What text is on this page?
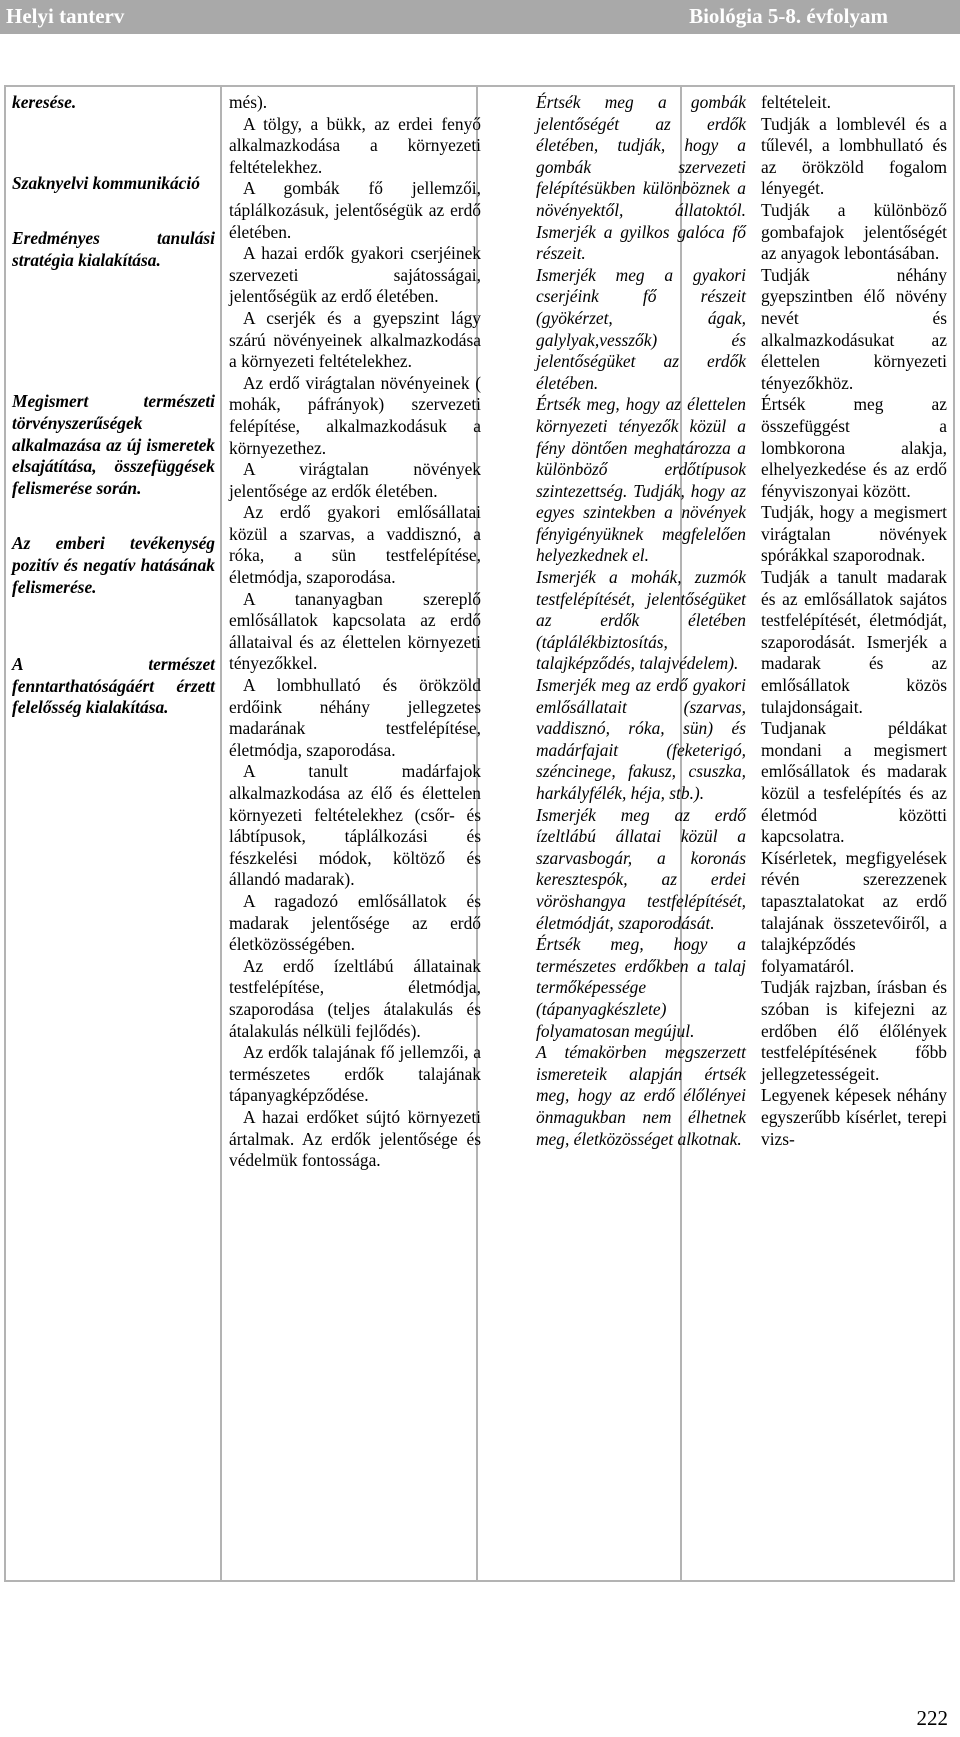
Helyi tanterv	Biológia 5-8. évfolyam

keresése.

Szaknyelvi kommunikáció

Eredményes tanulási stratégia kialakítása.

Megismert természeti törvényszerűségek alkalmazása az új ismeretek elsajátítása, összefüggések felismerése során.

Az emberi tevékenység pozitív és negatív hatásának felismerése.

A természet fenntarthatóságáért érzett felelősség kialakítása.

més).

A tölgy, a bükk, az erdei fenyő alkalmazkodása a környezeti feltételekhez.

A gombák fő jellemzői, táplálkozásuk, jelentőségük az erdő életében.

A hazai erdők gyakori cserjéinek szervezeti sajátosságai, jelentőségük az erdő életében.

A cserjék és a gyepszint lágy szárú növényeinek alkalmazkodása a környezeti feltételekhez.

Az erdő virágtalan növényeinek ( mohák, páfrányok) szervezeti felépítése, alkalmazkodásuk a környezethez.

A virágtalan növények jelentősége az erdők életében.

Az erdő gyakori emlősállatai közül a szarvas, a vaddisznó, a róka, a sün testfelépítése, életmódja, szaporodása.

A tananyagban szereplő emlősállatok kapcsolata az erdő állataival és az élettelen környezeti tényezőkkel.

A lombhullató és örökzöld erdőink néhány jellegzetes madarának testfelépítése, életmódja, szaporodása.

A tanult madárfajok alkalmazkodása az élő és élettelen környezeti feltételekhez (csőr- és lábtípusok, táplálkozási és fészkelési módok, költöző és állandó madarak).

A ragadozó emlősállatok és madarak jelentősége az erdő életközösségében.

Az erdő ízeltlábú állatainak testfelépítése, életmódja, szaporodása (teljes átalakulás és átalakulás nélküli fejlődés).

Az erdők talajának fő jellemzői, a természetes erdők talajának tápanyagképződése.

A hazai erdőket sújtó környezeti ártalmak. Az erdők jelentősége és védelmük fontossága.

Értsék meg a gombák jelentőségét az erdők életében, tudják, hogy a gombák szervezeti felépítésükben különböznek a növényektől, állatoktól. Ismerjék a gyilkos galóca fő részeit.

Ismerjék meg a gyakori cserjéink fő részeit (gyökérzet, ágak, galylyak,vesszők) és jelentőségüket az erdők életében.

Értsék meg, hogy az élettelen környezeti tényezők közül a fény döntően meghatározza a különböző erdőtípusok szintezettség. Tudják, hogy az egyes szintekben a növények fényigényüknek megfelelően helyezkednek el.

Ismerjék a mohák, zuzmók testfelépítését, jelentőségüket az erdők életében (táplálékbiztosítás, talajképződés, talajvédelem).

Ismerjék meg az erdő gyakori emlősállatait (szarvas, vaddisznó, róka, sün) és madárfajait (feketerigó, széncinege, fakusz, csuszka, harkályfélék, héja, stb.).

Ismerjék meg az erdő ízeltlábú állatai közül a szarvasbogár, a koronás keresztespók, az erdei vöröshangya testfelépítését, életmódját, szaporodását.

Értsék meg, hogy a természetes erdőkben a talaj termőképessége (tápanyagkészlete) folyamatosan megújul.

A témakörben megszerzett ismereteik alapján értsék meg, hogy az erdő élőlényei önmagukban nem élhetnek meg, életközösséget alkotnak.

feltételeit.

Tudják a lomblevél és a tűlevél, a lombhullató és az örökzöld fogalom lényegét.

Tudják a különböző gombafajok jelentőségét az anyagok lebontásában.

Tudják néhány gyepszintben élő növény nevét és alkalmazkodásukat az élettelen környezeti tényezőkhöz.

Értsék meg az összefüggést a lombkorona alakja, elhelyezkedése és az erdő fényviszonyai között.

Tudják, hogy a megismert virágtalan növények spórákkal szaporodnak.

Tudják a tanult madarak és az emlősállatok sajátos testfelépítését, életmódját, szaporodását. Ismerjék a madarak és az emlősállatok közös tulajdonságait.

Tudjanak példákat mondani a megismert emlősállatok és madarak közül a tesfelépítés és az életmód közötti kapcsolatra.

Kísérletek, megfigyelések révén szerezzenek tapasztalatokat az erdő talajának összetevőiről, a talajképződés folyamatáról.

Tudják rajzban, írásban és szóban is kifejezni az erdőben élő élőlények testfelépítésének főbb jellegzetességeit.

Legyenek képesek néhány egyszerűbb kísérlet, terepi vizs-

222
